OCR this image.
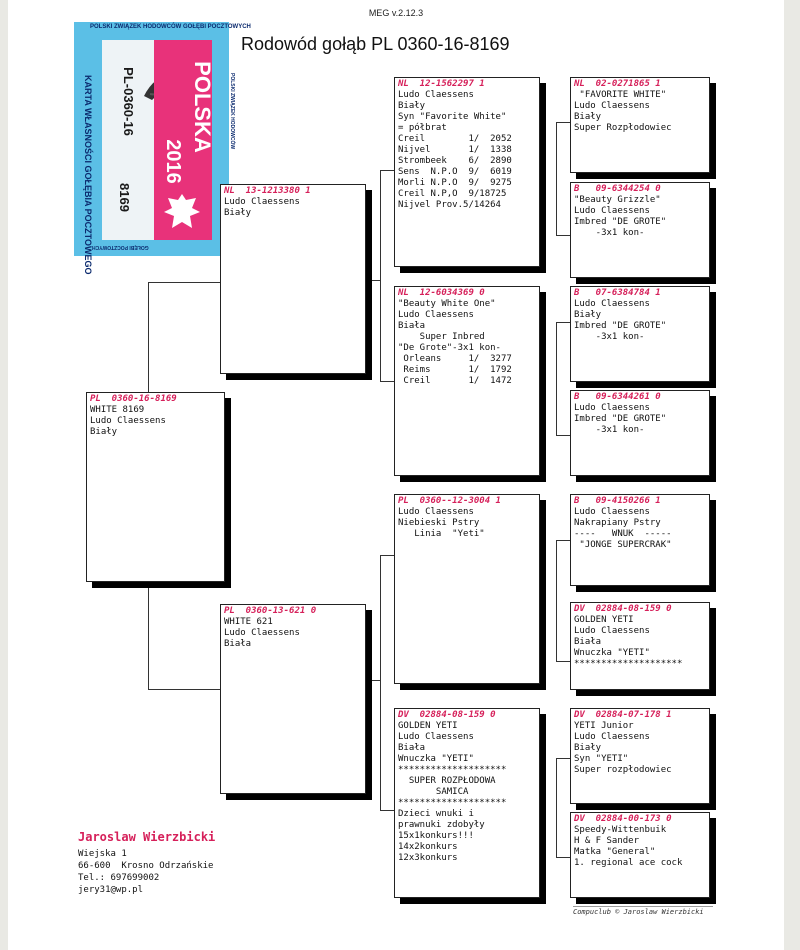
MEG v.2.12.3
Rodowód gołąb PL 0360-16-8169
POLSKI ZWIĄZEK HODOWCÓW GOŁĘBI POCZTOWYCH
KARTA WŁASNOŚCI GOŁĘBIA POCZTOWEGO PL-0360-16
8169
POLSKA
2016
POLSKI ZWIĄZEK HODOWCÓW
GOŁĘBI POCZTOWYCH
PL  0360-16-8169
WHITE 8169
Ludo Claessens
Biały
NL  13-1213380 1
Ludo Claessens
Biały
PL  0360-13-621 0
WHITE 621
Ludo Claessens
Biała
NL  12-1562297 1
Ludo Claessens
Biały
Syn "Favorite White"
= półbrat
Creil        1/  2052
Nijvel       1/  1338
Strombeek    6/  2890
Sens  N.P.O  9/  6019
Morli N.P.O  9/  9275
Creil N.P,O  9/18725
Nijvel Prov.5/14264
NL  12-6034369 0
"Beauty White One"
Ludo Claessens
Biała
Super Inbred
"De Grote"-3x1 kon-
Orleans     1/  3277
Reims       1/  1792
Creil       1/  1472
PL  0360--12-3004 1
Ludo Claessens
Niebieski Pstry
Linia  "Yeti"
DV  02884-08-159 0
GOLDEN YETI
Ludo Claessens
Biała
Wnuczka "YETI"
********************
SUPER ROZPŁODOWA
SAMICA
********************
Dzieci wnuki i
prawnuki zdobyły
15x1konkurs!!!
14x2konkurs
12x3konkurs
NL  02-0271865 1
"FAVORITE WHITE"
Ludo Claessens
Biały
Super Rozpłodowiec
B   09-6344254 0
"Beauty Grizzle"
Ludo Claessens
Imbred "DE GROTE"
-3x1 kon-
B   07-6384784 1
Ludo Claessens
Biały
Imbred "DE GROTE"
-3x1 kon-
B   09-6344261 0
Ludo Claessens
Imbred "DE GROTE"
-3x1 kon-
B   09-4150266 1
Ludo Claessens
Nakrapiany Pstry
----   WNUK  -----
"JONGE SUPERCRAK"
DV  02884-08-159 0
GOLDEN YETI
Ludo Claessens
Biała
Wnuczka "YETI"
********************
DV  02884-07-178 1
YETI Junior
Ludo Claessens
Biały
Syn "YETI"
Super rozpłodowiec
DV  02884-00-173 0
Speedy-Wittenbuik
H & F Sander
Matka "General"
1. regional ace cock
Jaroslaw Wierzbicki
Wiejska 1
66-600  Krosno Odrzańskie
Tel.: 697699002
jery31@wp.pl
Compuclub © Jaroslaw Wierzbicki
